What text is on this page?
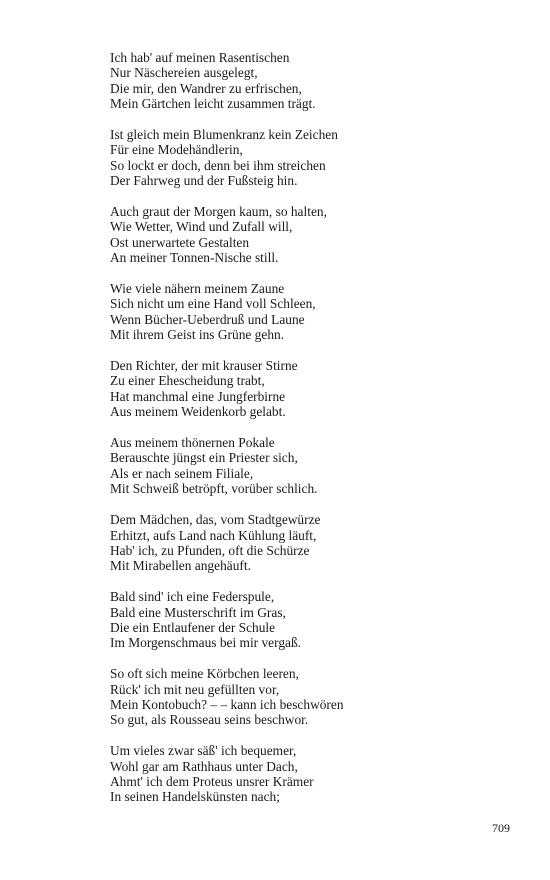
Ich hab' auf meinen Rasentischen
Nur Näschereien ausgelegt,
Die mir, den Wandrer zu erfrischen,
Mein Gärtchen leicht zusammen trägt.
Ist gleich mein Blumenkranz kein Zeichen
Für eine Modehändlerin,
So lockt er doch, denn bei ihm streichen
Der Fahrweg und der Fußsteig hin.
Auch graut der Morgen kaum, so halten,
Wie Wetter, Wind und Zufall will,
Ost unerwartete Gestalten
An meiner Tonnen-Nische still.
Wie viele nähern meinem Zaune
Sich nicht um eine Hand voll Schleen,
Wenn Bücher-Ueberdruß und Laune
Mit ihrem Geist ins Grüne gehn.
Den Richter, der mit krauser Stirne
Zu einer Ehescheidung trabt,
Hat manchmal eine Jungferbirne
Aus meinem Weidenkorb gelabt.
Aus meinem thönernen Pokale
Berauschte jüngst ein Priester sich,
Als er nach seinem Filiale,
Mit Schweiß betröpft, vorüber schlich.
Dem Mädchen, das, vom Stadtgewürze
Erhitzt, aufs Land nach Kühlung läuft,
Hab' ich, zu Pfunden, oft die Schürze
Mit Mirabellen angehäuft.
Bald sind' ich eine Federspule,
Bald eine Musterschrift im Gras,
Die ein Entlaufener der Schule
Im Morgenschmaus bei mir vergaß.
So oft sich meine Körbchen leeren,
Rück' ich mit neu gefüllten vor,
Mein Kontobuch? – – kann ich beschwören
So gut, als Rousseau seins beschwor.
Um vieles zwar säß' ich bequemer,
Wohl gar am Rathhaus unter Dach,
Ahmt' ich dem Proteus unsrer Krämer
In seinen Handelskünsten nach;
709
